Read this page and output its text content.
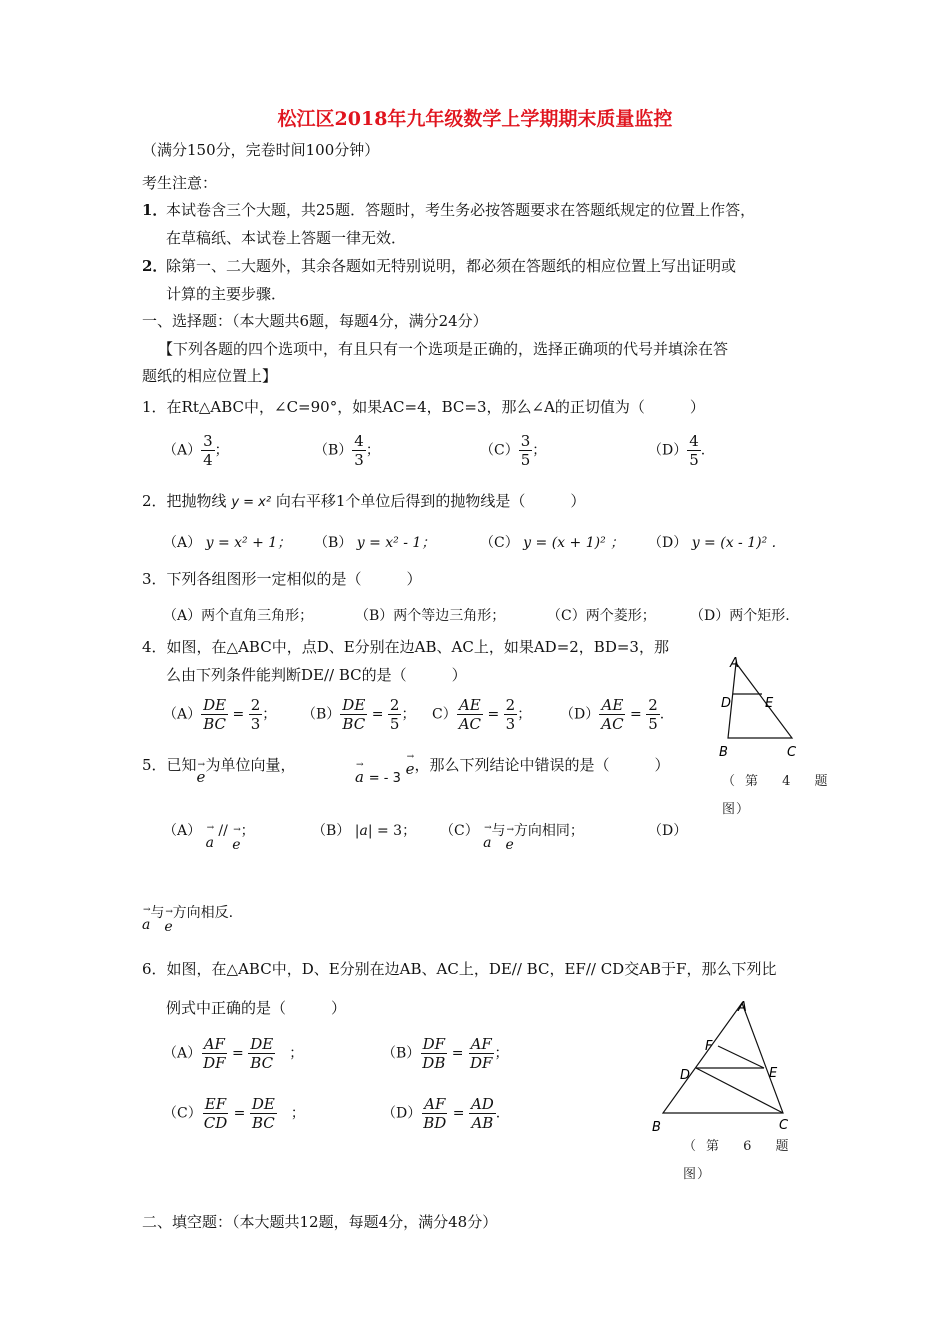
松江区2018年九年级数学上学期期末质量监控
（满分150分，完卷时间100分钟）
考生注意：
1．
本试卷含三个大题，共25题．答题时，考生务必按答题要求在答题纸规定的位置上作答，
在草稿纸、本试卷上答题一律无效．
2．
除第一、二大题外，其余各题如无特别说明，都必须在答题纸的相应位置上写出证明或
计算的主要步骤．
一、选择题：（本大题共6题，每题4分，满分24分）
【下列各题的四个选项中，有且只有一个选项是正确的，选择正确项的代号并填涂在答
题纸的相应位置上】
1．在Rt△ABC中，∠C=90°，如果AC=4，BC=3，那么∠A的正切值为（　　　）
$(A) \frac{3}{4}$ ；	$(B) \frac{4}{3}$ ；	$(C) \frac{3}{5}$ ；	$(D) \frac{4}{5}$ .
2．把抛物线 y = x² 向右平移1个单位后得到的抛物线是（　　　）
（A） y = x² + 1； （B） y = x² - 1；	（C） y = (x + 1)² ； （D） y = (x - 1)² .
3．下列各组图形一定相似的是（　　　）
（A）两个直角三角形；	（B）两个等边三角形；	（C）两个菱形； （D）两个矩形.
4．如图，在△ABC中，点D、E分别在边AB、AC上，如果AD=2，BD=3，那
么由下列条件能判断DE// BC的是（　　　）
$(A) \frac{DE}{BC} = \frac{2}{3}$ ； $(B) \frac{DE}{BC} = \frac{2}{5}$ ； $C) \frac{AE}{AC} = \frac{2}{3}$ ； $(D) \frac{AE}{AC} = \frac{2}{5}$ .
A
D	E
B	C
（第 4 题
图）
5．已知→ e为单位向量，  → a = - 3 → e，那么下列结论中错误的是（　　　）
（A） → a // → e；	（B） |a| = 3； （C） → a与→ e方向相同；	（D）
→ a与→ e方向相反.
6．如图，在△ABC中，D、E分别在边AB、AC上，DE// BC，EF// CD交AB于F，那么下列比
例式中正确的是（　　　）
$(A) \frac{AF}{DF} = \frac{DE}{BC}$
　 ；	$(B) \frac{DF}{DB} = \frac{AF}{DF}$ ；
$(C) \frac{EF}{CD} = \frac{DE}{BC}$
　 ；	$(D) \frac{AF}{BD} = \frac{AD}{AB}$ .
A
F
D	E
B	C
（第 6 题
图）
二、填空题：（本大题共12题，每题4分，满分48分）
